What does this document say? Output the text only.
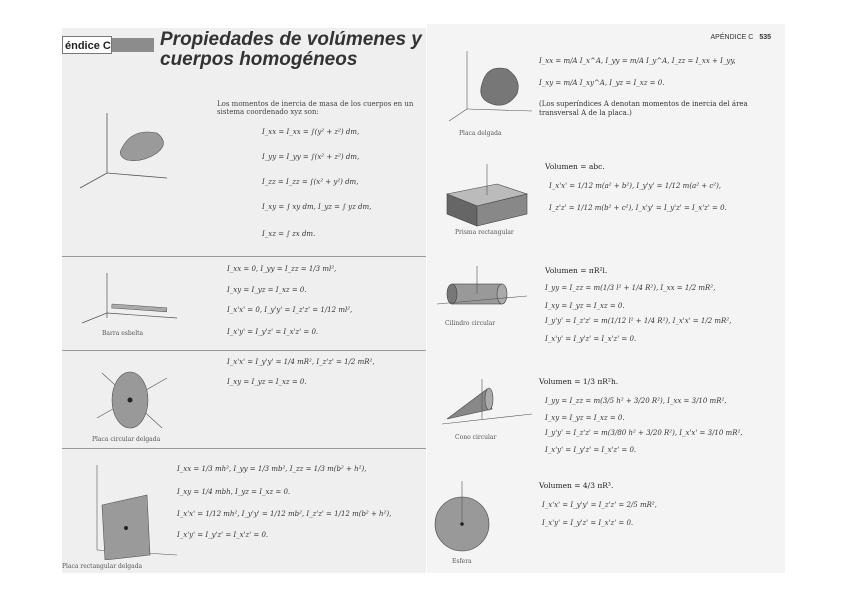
éndice C	Propiedades de volúmenes y
cuerpos homogéneos
Los momentos de inercia de masa de los cuerpos en un sistema coordenado xyz son:
I_xx = I_xx = ∫(y² + z²) dm,
I_yy = I_yy = ∫(x² + z²) dm,
I_zz = I_zz = ∫(x² + y²) dm,
I_xy = ∫ xy dm, I_yz = ∫ yz dm,
I_xz = ∫ zx dm.
Barra esbelta
I_xx = 0, I_yy = I_zz = 1/3 ml²,
I_xy = I_yz = I_xz = 0.
I_x'x' = 0, I_y'y' = I_z'z' = 1/12 ml²,
I_x'y' = I_y'z' = I_x'z' = 0.
Placa circular delgada
I_x'x' = I_y'y' = 1/4 mR², I_z'z' = 1/2 mR²,
I_xy = I_yz = I_xz = 0.
Placa rectangular delgada
I_xx = 1/3 mh², I_yy = 1/3 mb², I_zz = 1/3 m(b² + h²),
I_xy = 1/4 mbh, I_yz = I_xz = 0.
I_x'x' = 1/12 mh², I_y'y' = 1/12 mb², I_z'z' = 1/12 m(b² + h²),
I_x'y' = I_y'z' = I_x'z' = 0.
APÉNDICE C 535
Placa delgada
I_xx = m/A I_x^A, I_yy = m/A I_y^A, I_zz = I_xx + I_yy,
I_xy = m/A I_xy^A, I_yz = I_xz = 0.
(Los superíndices A denotan momentos de inercia del área transversal A de la placa.)
Prisma rectangular
Volumen = abc.
I_x'x' = 1/12 m(a² + b²), I_y'y' = 1/12 m(a² + c²),
I_z'z' = 1/12 m(b² + c²), I_x'y' = I_y'z' = I_x'z' = 0.
Cilindro circular
Volumen = πR²l.
I_yy = I_zz = m(1/3 l² + 1/4 R²), I_xx = 1/2 mR²,
I_xy = I_yz = I_xz = 0.
I_y'y' = I_z'z' = m(1/12 l² + 1/4 R²), I_x'x' = 1/2 mR²,
I_x'y' = I_y'z' = I_x'z' = 0.
Cono circular
Volumen = 1/3 πR²h.
I_yy = I_zz = m(3/5 h² + 3/20 R²), I_xx = 3/10 mR²,
I_xy = I_yz = I_xz = 0.
I_y'y' = I_z'z' = m(3/80 h² + 3/20 R²), I_x'x' = 3/10 mR²,
I_x'y' = I_y'z' = I_x'z' = 0.
Esfera
Volumen = 4/3 πR³.
I_x'x' = I_y'y' = I_z'z' = 2/5 mR²,
I_x'y' = I_y'z' = I_x'z' = 0.
